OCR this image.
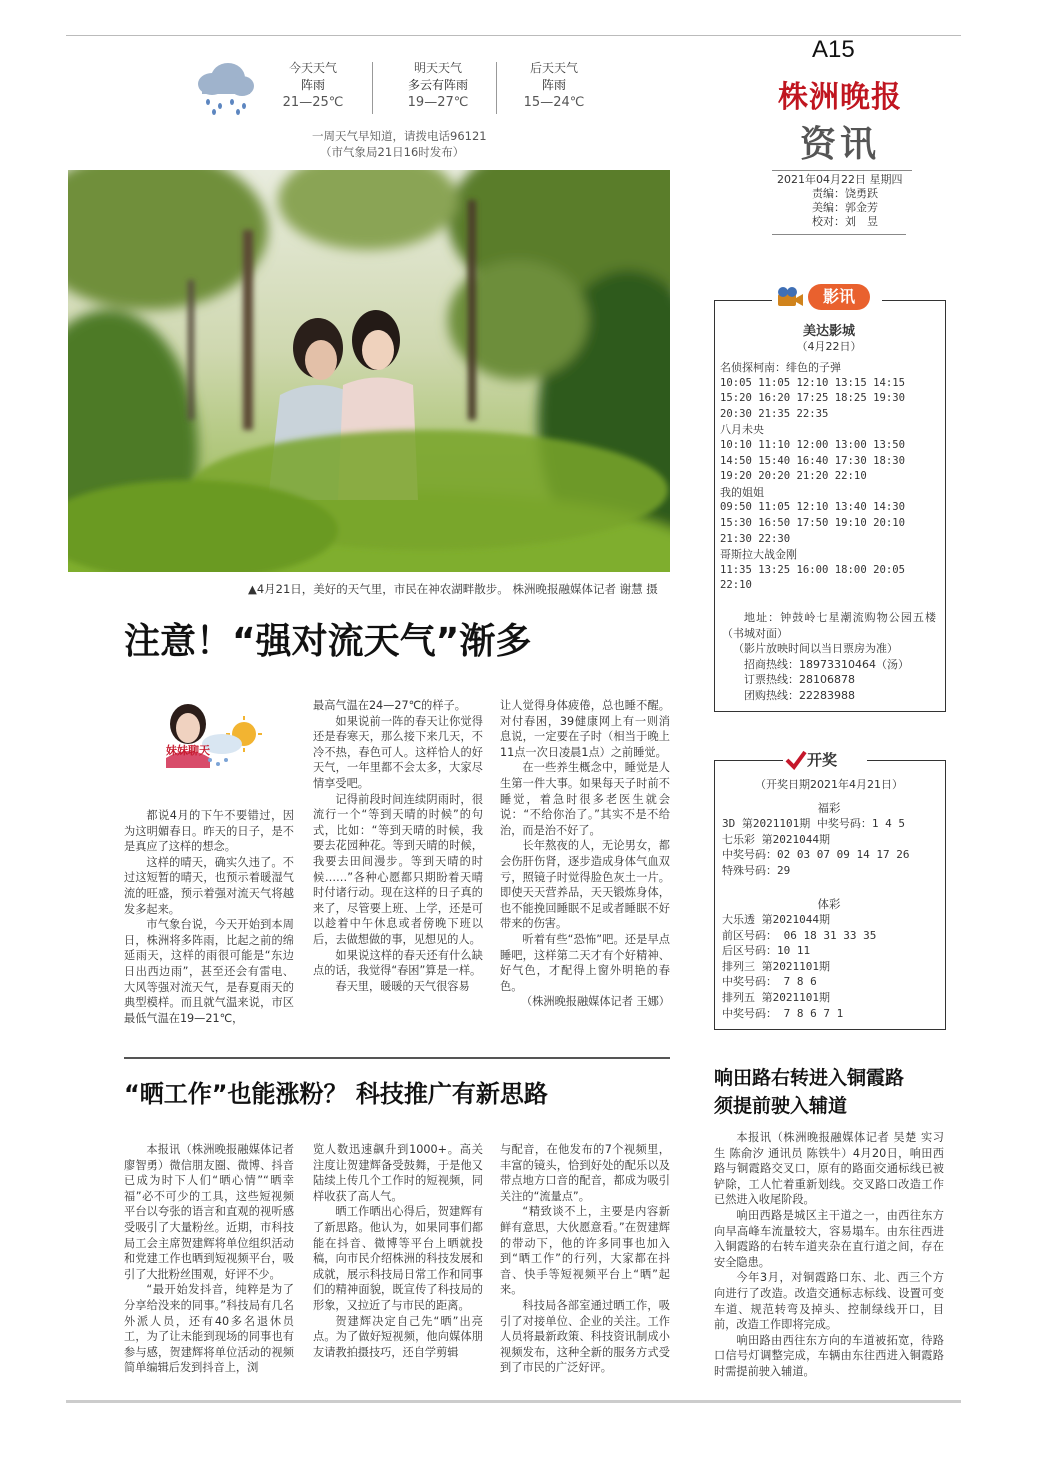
今天天气
阵雨
21—25℃
明天天气
多云有阵雨
19—27℃
后天天气
阵雨
15—24℃
一周天气早知道，请拨电话96121
（市气象局21日16时发布）
A15
株洲晚报
资讯
2021年04月22日 星期四
责编：饶勇跃
美编：郭金芳
校对：刘　昱
▲4月21日，美好的天气里，市民在神农湖畔散步。 株洲晚报融媒体记者 谢慧 摄
注意！“强对流天气”渐多
妹妹聊天

都说4月的下午不要错过，因为这明媚春日。昨天的日子，是不是真应了这样的想念。

这样的晴天，确实久违了。不过这短暂的晴天，也预示着暖湿气流的旺盛，预示着强对流天气将越发多起来。

市气象台说，今天开始到本周日，株洲将多阵雨，比起之前的绵延雨天，这样的雨很可能是“东边日出西边雨”，甚至还会有雷电、大风等强对流天气，是春夏雨天的典型模样。而且就气温来说，市区最低气温在19—21℃，

最高气温在24—27℃的样子。

如果说前一阵的春天让你觉得还是春寒天，那么接下来几天，不冷不热，春色可人。这样恰人的好天气，一年里都不会太多，大家尽情享受吧。

记得前段时间连续阴雨时，很流行一个“等到天晴的时候”的句式，比如：“等到天晴的时候，我要去花园种花。等到天晴的时候，我要去田间漫步。等到天晴的时候……”各种心愿都只期盼着天晴时付诸行动。现在这样的日子真的来了，尽管要上班、上学，还是可以趁着中午休息或者傍晚下班以后，去做想做的事，见想见的人。

如果说这样的春天还有什么缺点的话，我觉得“春困”算是一样。

春天里，暖暖的天气很容易

让人觉得身体疲倦，总也睡不醒。对付春困，39健康网上有一则消息说，一定要在子时（相当于晚上11点一次日凌晨1点）之前睡觉。

在一些养生概念中，睡觉是人生第一件大事。如果每天子时前不睡觉，着急时很多老医生就会说：“不给你治了。”其实不是不给治，而是治不好了。

长年熬夜的人，无论男女，都会伤肝伤肾，逐步造成身体气血双亏，照镜子时觉得脸色灰土一片。即使天天营养品，天天锻炼身体，也不能挽回睡眠不足或者睡眠不好带来的伤害。

听着有些“恐怖”吧。还是早点睡吧，这样第二天才有个好精神、好气色，才配得上窗外明艳的春色。

（株洲晚报融媒体记者 王娜）

“晒工作”也能涨粉？ 科技推广有新思路

本报讯（株洲晚报融媒体记者 廖智勇）微信朋友圈、微博、抖音已成为时下人们“晒心情”“晒幸福”必不可少的工具，这些短视频平台以夸张的语言和直观的视听感受吸引了大量粉丝。近期，市科技局工会主席贺建辉将单位组织活动和党建工作也晒到短视频平台，吸引了大批粉丝围观，好评不少。

“最开始发抖音，纯粹是为了分享给没来的同事。”科技局有几名外派人员，还有40多名退休员工，为了让未能到现场的同事也有参与感，贺建辉将单位活动的视频简单编辑后发到抖音上，浏

览人数迅速飙升到1000+。高关注度让贺建辉备受鼓舞，于是他又陆续上传几个工作时的短视频，同样收获了高人气。

晒工作晒出心得后，贺建辉有了新思路。他认为，如果同事们都能在抖音、微博等平台上晒就投稿，向市民介绍株洲的科技发展和成就，展示科技局日常工作和同事们的精神面貌，既宣传了科技局的形象，又拉近了与市民的距离。

贺建辉决定自己先“晒”出亮点。为了做好短视频，他向媒体朋友请教拍摄技巧，还自学剪辑

与配音，在他发布的7个视频里，丰富的镜头，恰到好处的配乐以及带点地方口音的配音，都成为吸引关注的“流量点”。

“精致谈不上，主要是内容新鲜有意思，大伙愿意看。”在贺建辉的带动下，他的许多同事也加入到“晒工作”的行列，大家都在抖音、快手等短视频平台上“晒”起来。

科技局各部室通过晒工作，吸引了对接单位、企业的关注。工作人员将最新政策、科技资讯制成小视频发布，这种全新的服务方式受到了市民的广泛好评。

影讯
美达影城
（4月22日）
名侦探柯南：绯色的子弹
10:05 11:05 12:10 13:15 14:15
15:20 16:20 17:25 18:25 19:30
20:30 21:35 22:35
八月未央
10:10 11:10 12:00 13:00 13:50
14:50 15:40 16:40 17:30 18:30
19:20 20:20 21:20 22:10
我的姐姐
09:50 11:05 12:10 13:40 14:30
15:30 16:50 17:50 19:10 20:10
21:30 22:30
哥斯拉大战金刚
11:35 13:25 16:00 18:00 20:05
22:10

地址：钟鼓岭七星潮流购物公园五楼（书城对面）

（影片放映时间以当日票房为准）

招商热线：18973310464（汤）

订票热线：28106878

团购热线：22283988

开奖
（开奖日期2021年4月21日）
福彩
3D 第2021101期 中奖号码：1 4 5
七乐彩 第2021044期
中奖号码：02 03 07 09 14 17 26
特殊号码：29
体彩
大乐透 第2021044期
前区号码： 06 18 31 33 35
后区号码：10 11
排列三 第2021101期
中奖号码： 7 8 6
排列五 第2021101期
中奖号码： 7 8 6 7 1
响田路右转进入铜霞路
须提前驶入辅道

本报讯（株洲晚报融媒体记者 吴楚 实习生 陈俞汐 通讯员 陈铁牛）4月20日，响田西路与铜霞路交叉口，原有的路面交通标线已被铲除，工人忙着重新划线。交叉路口改造工作已然进入收尾阶段。

响田西路是城区主干道之一，由西往东方向早高峰车流量较大，容易塌车。由东往西进入铜霞路的右转车道夹杂在直行道之间，存在安全隐患。

今年3月，对铜霞路口东、北、西三个方向进行了改造。改造交通标志标线、设置可变车道、规范转弯及掉头、控制绿线开口，目前，改造工作即将完成。

响田路由西往东方向的车道被拓宽，待路口信号灯调整完成，车辆由东往西进入铜霞路时需提前驶入辅道。
